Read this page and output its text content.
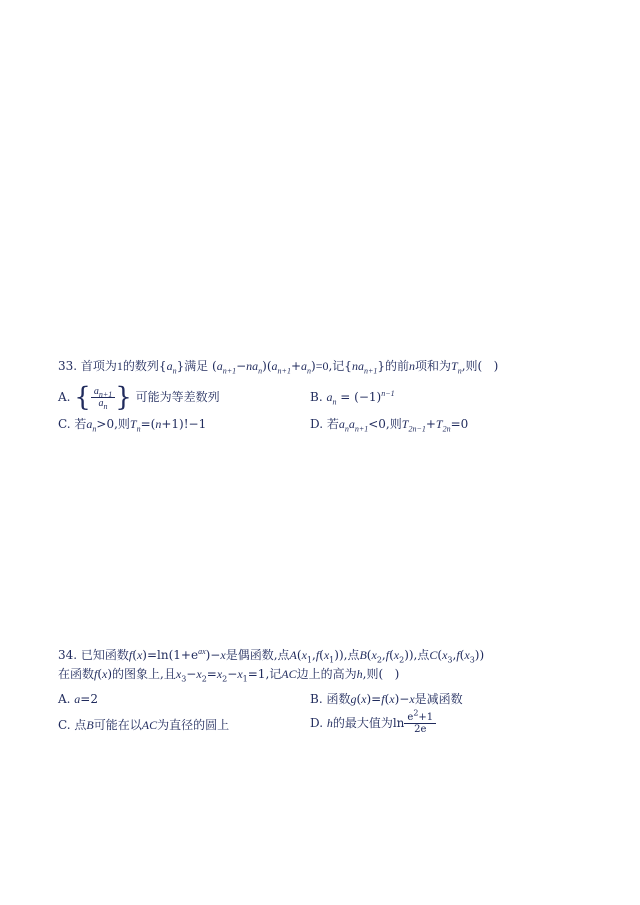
33. 首项为1的数列$\{a_n\}$满足 $(a_{n+1}-na_n)(a_{n+1}+a_n)=0$,记$\{na_{n+1}\}$的前n项和为$T_n$,则(   )
A. { $\frac{a_{n+1}}{a_n}$ } 可能为等差数列	B. $a_n = (-1)^{n-1}$
C. 若$a_n>0$,则$T_n=(n+1)!-1$	D. 若$a_na_{n+1}<0$,则$T_{2n-1}+T_{2n}=0$
34. 已知函数$f(x)=\ln(1+e^{ax})-x$是偶函数,点$A(x_1,f(x_1))$,点$B(x_2,f(x_2))$,点$C(x_3,f(x_3))$
在函数f(x)的图象上,且$x_3-x_2=x_2-x_1=1$,记AC边上的高为h,则(   )
A. a=2	B. 函数g(x)=f(x)−x是减函数
C. 点B可能在以AC为直径的圆上	D. h的最大值为$\ln \frac{e^2+1}{2e}$
